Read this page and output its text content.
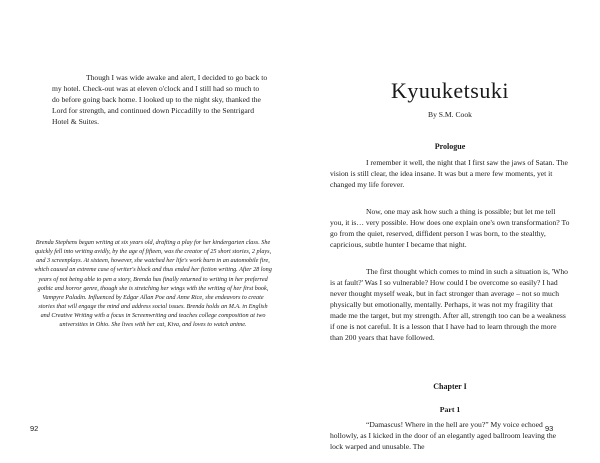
Though I was wide awake and alert, I decided to go back to my hotel. Check-out was at eleven o'clock and I still had so much to do before going back home. I looked up to the night sky, thanked the Lord for strength, and continued down Piccadilly to the Sentrigard Hotel & Suites.

Brenda Stephens began writing at six years old, drafting a play for her kindergarten class. She quickly fell into writing avidly, by the age of fifteen, was the creator of 25 short stories, 2 plays, and 3 screenplays. At sixteen, however, she watched her life's work burn in an automobile fire, which caused an extreme case of writer's block and thus ended her fiction writing. After 28 long years of not being able to pen a story, Brenda has finally returned to writing in her preferred gothic and horror genre, though she is stretching her wings with the writing of her first book, Vampyre Paladin. Influenced by Edgar Allan Poe and Anne Rice, she endeavors to create stories that will engage the mind and address social issues. Brenda holds an M.A. in English and Creative Writing with a focus in Screenwriting and teaches college composition at two universities in Ohio. She lives with her cat, Kiva, and loves to watch anime.

92
Kyuuketsuki
By S.M. Cook
Prologue

I remember it well, the night that I first saw the jaws of Satan. The vision is still clear, the idea insane. It was but a mere few moments, yet it changed my life forever.

Now, one may ask how such a thing is possible; but let me tell you, it is… very possible. How does one explain one's own transformation? To go from the quiet, reserved, diffident person I was born, to the stealthy, capricious, subtle hunter I became that night.

The first thought which comes to mind in such a situation is, 'Who is at fault?' Was I so vulnerable? How could I be overcome so easily? I had never thought myself weak, but in fact stronger than average – not so much physically but emotionally, mentally. Perhaps, it was not my fragility that made me the target, but my strength. After all, strength too can be a weakness if one is not careful. It is a lesson that I have had to learn through the more than 200 years that have followed.

Chapter I
Part 1

“Damascus! Where in the hell are you?” My voice echoed hollowly, as I kicked in the door of an elegantly aged ballroom leaving the lock warped and unusable. The

93
